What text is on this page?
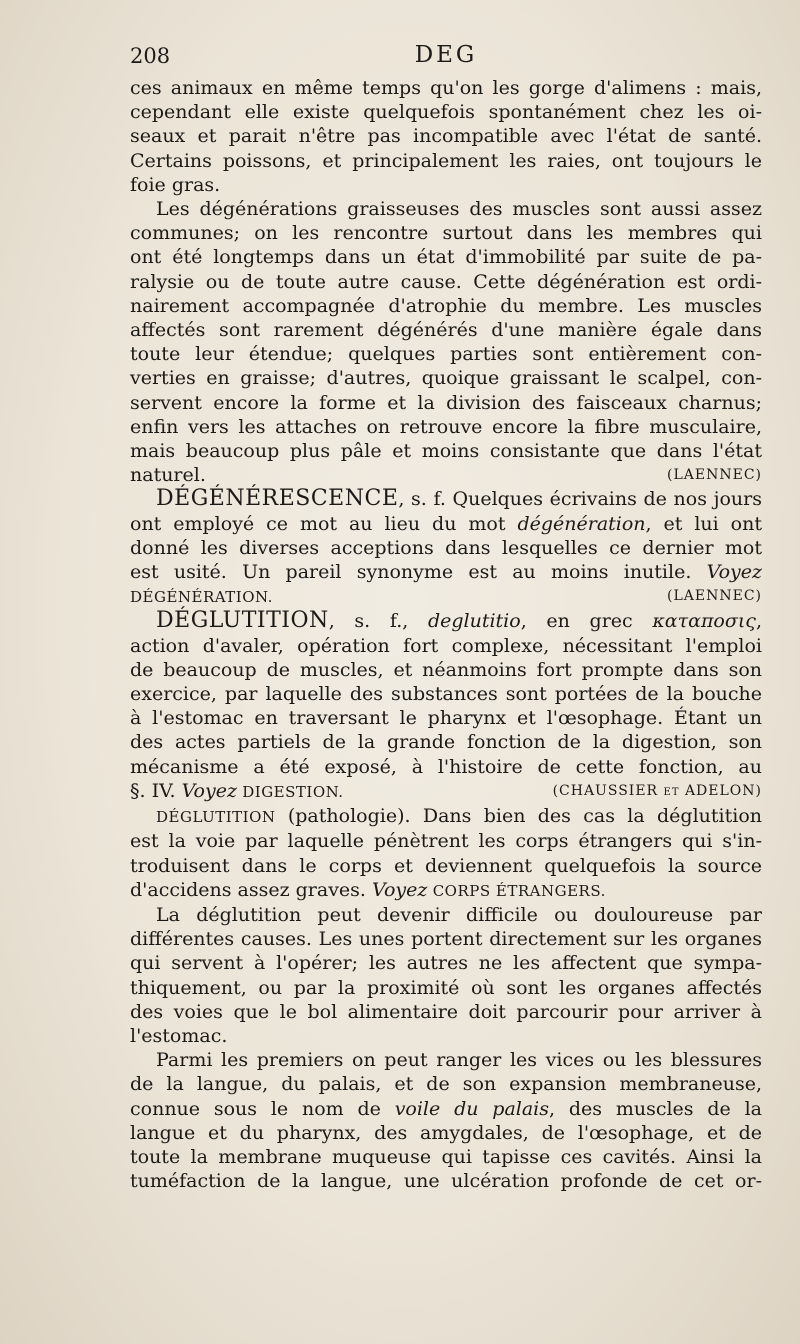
208	DEG

ces animaux en même temps qu'on les gorge d'alimens : mais,
cependant elle existe quelquefois spontanément chez les oi-
seaux et parait n'être pas incompatible avec l'état de santé.
Certains poissons, et principalement les raies, ont toujours le
foie gras.

Les dégénérations graisseuses des muscles sont aussi assez
communes; on les rencontre surtout dans les membres qui
ont été longtemps dans un état d'immobilité par suite de pa-
ralysie ou de toute autre cause. Cette dégénération est ordi-
nairement accompagnée d'atrophie du membre. Les muscles
affectés sont rarement dégénérés d'une manière égale dans
toute leur étendue; quelques parties sont entièrement con-
verties en graisse; d'autres, quoique graissant le scalpel, con-
servent encore la forme et la division des faisceaux charnus;
enfin vers les attaches on retrouve encore la fibre musculaire,
mais beaucoup plus pâle et moins consistante que dans l'état
naturel.	(LAENNEC)

DÉGÉNÉRESCENCE, s. f. Quelques écrivains de nos jours
ont employé ce mot au lieu du mot dégénération, et lui ont
donné les diverses acceptions dans lesquelles ce dernier mot
est usité. Un pareil synonyme est au moins inutile. Voyez
DÉGÉNÉRATION.	(LAENNEC)

DÉGLUTITION, s. f., deglutitio, en grec καταποσις,
action d'avaler, opération fort complexe, nécessitant l'emploi
de beaucoup de muscles, et néanmoins fort prompte dans son
exercice, par laquelle des substances sont portées de la bouche
à l'estomac en traversant le pharynx et l'œsophage. Étant un
des actes partiels de la grande fonction de la digestion, son
mécanisme a été exposé, à l'histoire de cette fonction, au
§. IV. Voyez DIGESTION.	(CHAUSSIER et ADELON)

DÉGLUTITION (pathologie). Dans bien des cas la déglutition
est la voie par laquelle pénètrent les corps étrangers qui s'in-
troduisent dans le corps et deviennent quelquefois la source
d'accidens assez graves. Voyez CORPS ÉTRANGERS.

La déglutition peut devenir difficile ou douloureuse par
différentes causes. Les unes portent directement sur les organes
qui servent à l'opérer; les autres ne les affectent que sympa-
thiquement, ou par la proximité où sont les organes affectés
des voies que le bol alimentaire doit parcourir pour arriver à
l'estomac.

Parmi les premiers on peut ranger les vices ou les blessures
de la langue, du palais, et de son expansion membraneuse,
connue sous le nom de voile du palais, des muscles de la
langue et du pharynx, des amygdales, de l'œsophage, et de
toute la membrane muqueuse qui tapisse ces cavités. Ainsi la
tuméfaction de la langue, une ulcération profonde de cet or-
